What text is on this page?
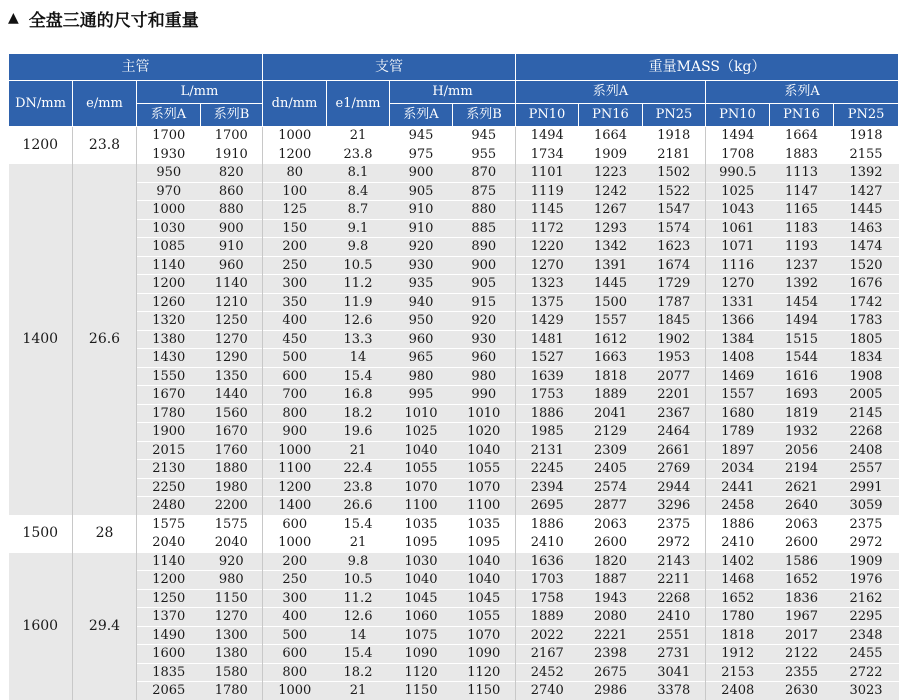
▲ 全盘三通的尺寸和重量
主管				支管				重量MASS（kg）					
DN/mm	e/mm	L/mm		dn/mm	e1/mm	H/mm		系列A			系列A		
		系列A	系列B			系列A	系列B	PN10	PN16	PN25	PN10	PN16	PN25
1200	23.8	1700	1700	1000	21	945	945	1494	1664	1918	1494	1664	1918
		1930	1910	1200	23.8	975	955	1734	1909	2181	1708	1883	2155
1400	26.6	950	820	80	8.1	900	870	1101	1223	1502	990.5	1113	1392
		970	860	100	8.4	905	875	1119	1242	1522	1025	1147	1427
		1000	880	125	8.7	910	880	1145	1267	1547	1043	1165	1445
		1030	900	150	9.1	910	885	1172	1293	1574	1061	1183	1463
		1085	910	200	9.8	920	890	1220	1342	1623	1071	1193	1474
		1140	960	250	10.5	930	900	1270	1391	1674	1116	1237	1520
		1200	1140	300	11.2	935	905	1323	1445	1729	1270	1392	1676
		1260	1210	350	11.9	940	915	1375	1500	1787	1331	1454	1742
		1320	1250	400	12.6	950	920	1429	1557	1845	1366	1494	1783
		1380	1270	450	13.3	960	930	1481	1612	1902	1384	1515	1805
		1430	1290	500	14	965	960	1527	1663	1953	1408	1544	1834
		1550	1350	600	15.4	980	980	1639	1818	2077	1469	1616	1908
		1670	1440	700	16.8	995	990	1753	1889	2201	1557	1693	2005
		1780	1560	800	18.2	1010	1010	1886	2041	2367	1680	1819	2145
		1900	1670	900	19.6	1025	1020	1985	2129	2464	1789	1932	2268
		2015	1760	1000	21	1040	1040	2131	2309	2661	1897	2056	2408
		2130	1880	1100	22.4	1055	1055	2245	2405	2769	2034	2194	2557
		2250	1980	1200	23.8	1070	1070	2394	2574	2944	2441	2621	2991
		2480	2200	1400	26.6	1100	1100	2695	2877	3296	2458	2640	3059
1500	28	1575	1575	600	15.4	1035	1035	1886	2063	2375	1886	2063	2375
		2040	2040	1000	21	1095	1095	2410	2600	2972	2410	2600	2972
1600	29.4	1140	920	200	9.8	1030	1040	1636	1820	2143	1402	1586	1909
		1200	980	250	10.5	1040	1040	1703	1887	2211	1468	1652	1976
		1250	1150	300	11.2	1045	1045	1758	1943	2268	1652	1836	2162
		1370	1270	400	12.6	1060	1055	1889	2080	2410	1780	1967	2295
		1490	1300	500	14	1075	1070	2022	2221	2551	1818	2017	2348
		1600	1380	600	15.4	1090	1090	2167	2398	2731	1912	2122	2455
		1835	1580	800	18.2	1120	1120	2452	2675	3041	2153	2355	2722
		2065	1780	1000	21	1150	1150	2740	2986	3378	2408	2630	3023
